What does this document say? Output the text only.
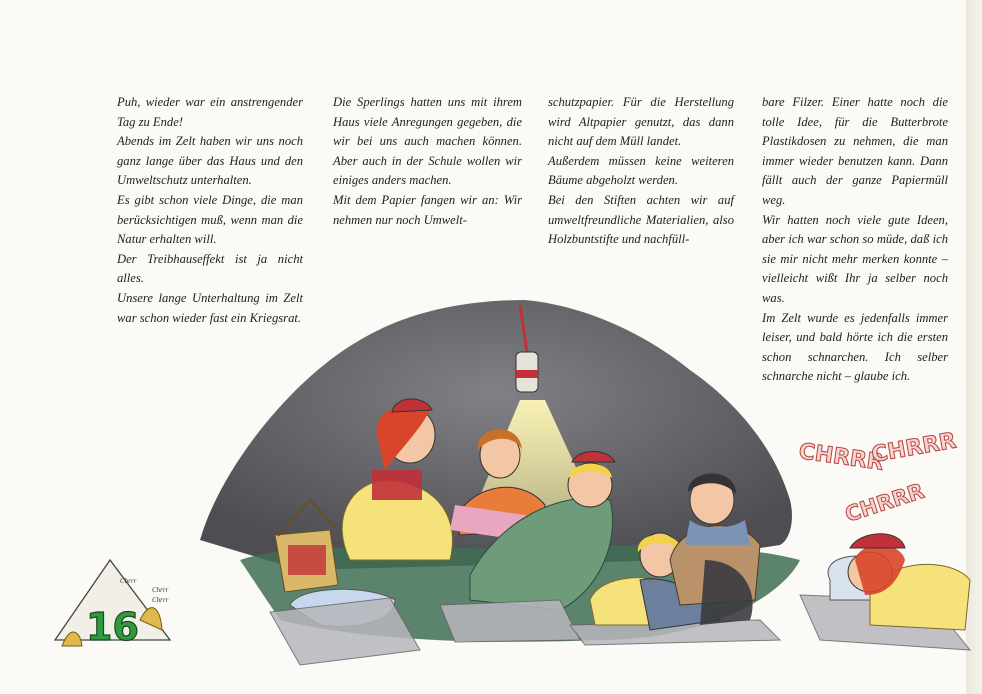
Puh, wieder war ein anstrengender Tag zu Ende!

Abends im Zelt haben wir uns noch ganz lange über das Haus und den Umweltschutz unterhalten.

Es gibt schon viele Dinge, die man berücksichtigen muß, wenn man die Natur erhalten will.

Der Treibhauseffekt ist ja nicht alles.

Unsere lange Unterhaltung im Zelt war schon wieder fast ein Kriegsrat.

Die Sperlings hatten uns mit ihrem Haus viele Anregungen gegeben, die wir bei uns auch machen können. Aber auch in der Schule wollen wir einiges anders machen.

Mit dem Papier fangen wir an: Wir nehmen nur noch Umwelt-

schutzpapier. Für die Herstellung wird Altpapier genutzt, das dann nicht auf dem Müll landet.

Außerdem müssen keine weiteren Bäume abgeholzt werden.

Bei den Stiften achten wir auf umweltfreundliche Materialien, also Holzbuntstifte und nachfüll-

bare Filzer. Einer hatte noch die tolle Idee, für die Butterbrote Plastikdosen zu nehmen, die man immer wieder benutzen kann. Dann fällt auch der ganze Papiermüll weg.

Wir hatten noch viele gute Ideen, aber ich war schon so müde, daß ich sie mir nicht mehr merken konnte – vielleicht wißt Ihr ja selber noch was.

Im Zelt wurde es jedenfalls immer leiser, und bald hörte ich die ersten schon schnarchen. Ich selber schnarche nicht – glaube ich.

CHRRR
CHRRR
CHRRR
16
Chrrr
Chrrr
Chrrr
